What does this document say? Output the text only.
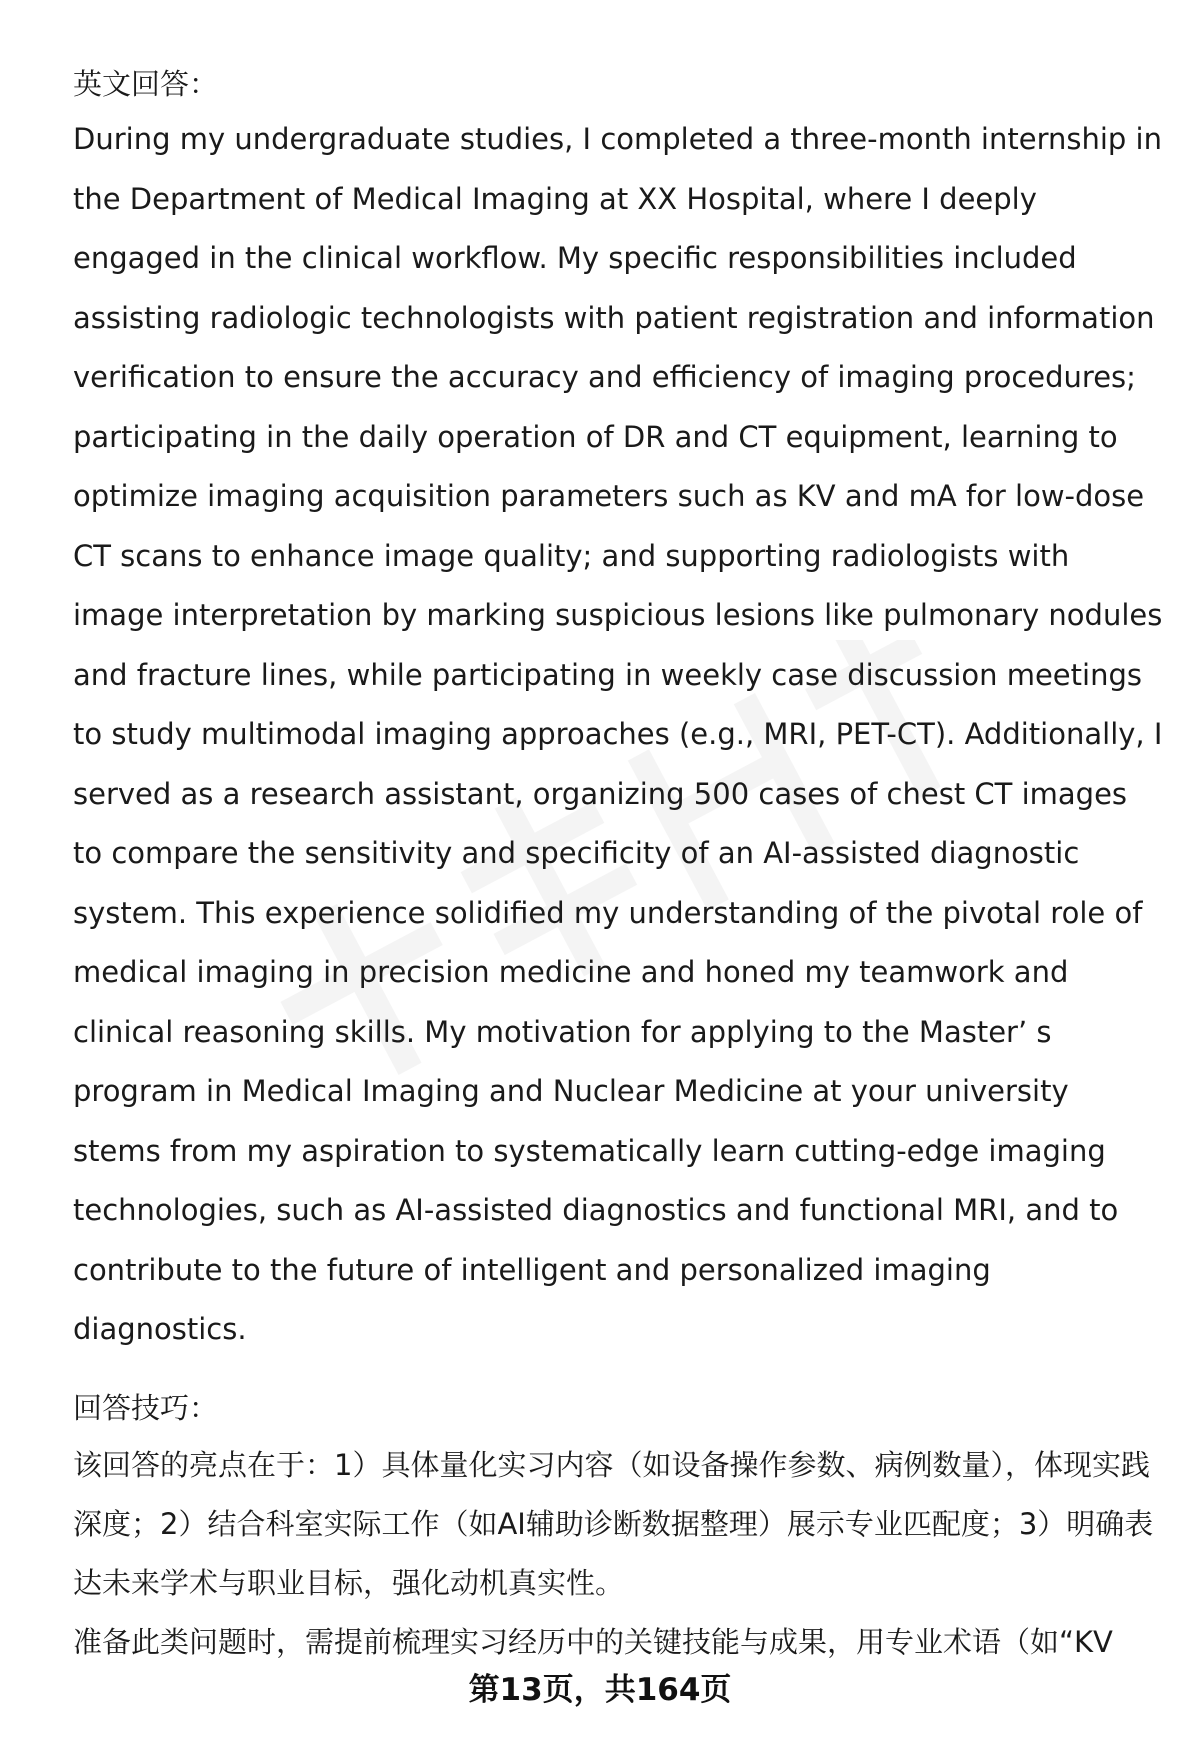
英文回答：

During my undergraduate studies, I completed a three-month internship in the Department of Medical Imaging at XX Hospital, where I deeply engaged in the clinical workflow. My specific responsibilities included assisting radiologic technologists with patient registration and information verification to ensure the accuracy and efficiency of imaging procedures; participating in the daily operation of DR and CT equipment, learning to optimize imaging acquisition parameters such as KV and mA for low-dose CT scans to enhance image quality; and supporting radiologists with image interpretation by marking suspicious lesions like pulmonary nodules and fracture lines, while participating in weekly case discussion meetings to study multimodal imaging approaches (e.g., MRI, PET-CT). Additionally, I served as a research assistant, organizing 500 cases of chest CT images to compare the sensitivity and specificity of an AI-assisted diagnostic system. This experience solidified my understanding of the pivotal role of medical imaging in precision medicine and honed my teamwork and clinical reasoning skills. My motivation for applying to the Master’ s program in Medical Imaging and Nuclear Medicine at your university stems from my aspiration to systematically learn cutting-edge imaging technologies, such as AI-assisted diagnostics and functional MRI, and to contribute to the future of intelligent and personalized imaging diagnostics.

回答技巧：

该回答的亮点在于：1）具体量化实习内容（如设备操作参数、病例数量），体现实践深度；2）结合科室实际工作（如AI辅助诊断数据整理）展示专业匹配度；3）明确表达未来学术与职业目标，强化动机真实性。

准备此类问题时，需提前梳理实习经历中的关键技能与成果，用专业术语（如“KV

第13页，共164页
